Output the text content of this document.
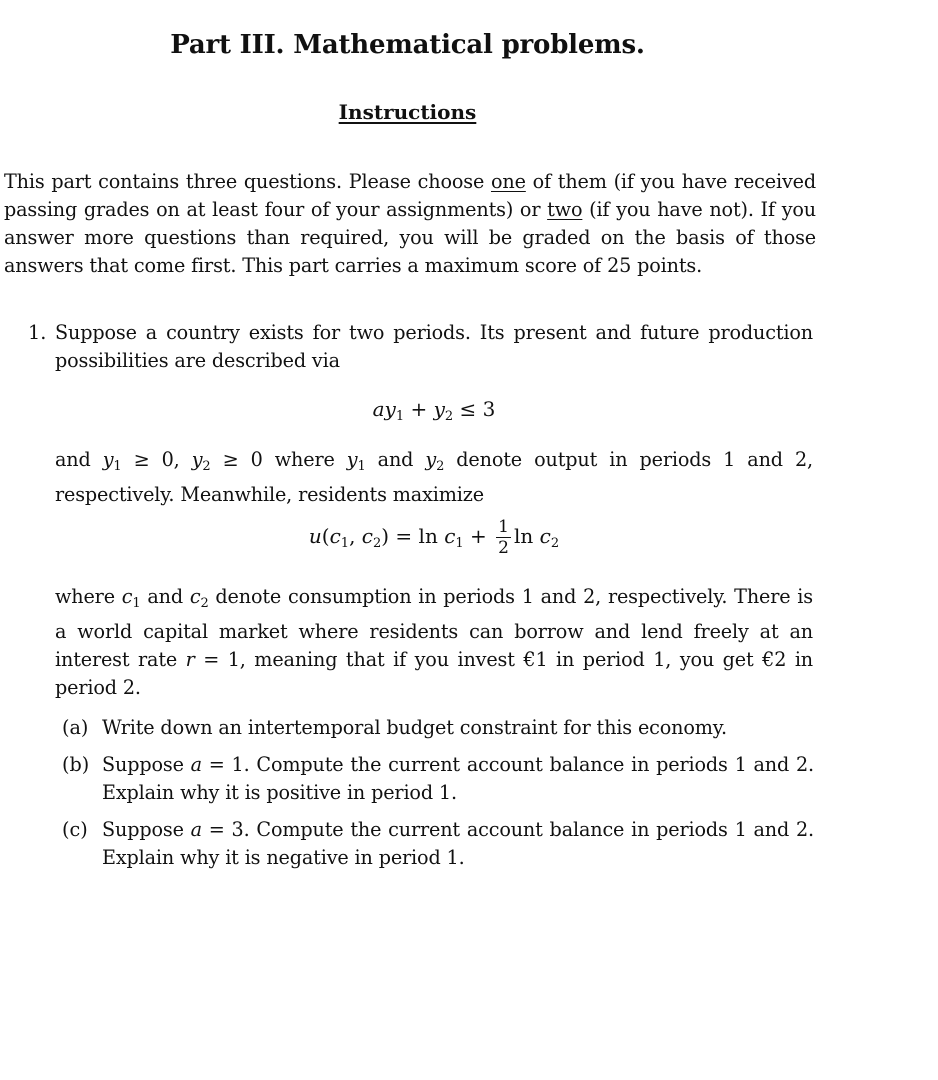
Part III. Mathematical problems.
Instructions
This part contains three questions. Please choose one of them (if you have received passing grades on at least four of your assignments) or two (if you have not). If you answer more questions than required, you will be graded on the basis of those answers that come first. This part carries a maximum score of 25 points.
1. Suppose a country exists for two periods. Its present and future production possibilities are described via
$ay_1 + y_2 \le 3$
and $y_1 \ge 0$, $y_2 \ge 0$ where $y_1$ and $y_2$ denote output in periods 1 and 2, respectively. Meanwhile, residents maximize
$u(c_1$, $c_2) = \ln c_1 + \frac{1}{2}$ $\ln c_2$
where $c_1$ and $c_2$ denote consumption in periods 1 and 2, respectively. There is a world capital market where residents can borrow and lend freely at an interest rate r = 1, meaning that if you invest €1 in period 1, you get €2 in period 2.
(a) Write down an intertemporal budget constraint for this economy.
(b) Suppose a = 1. Compute the current account balance in periods 1 and 2. Explain why it is positive in period 1.
(c) Suppose a = 3. Compute the current account balance in periods 1 and 2. Explain why it is negative in period 1.
